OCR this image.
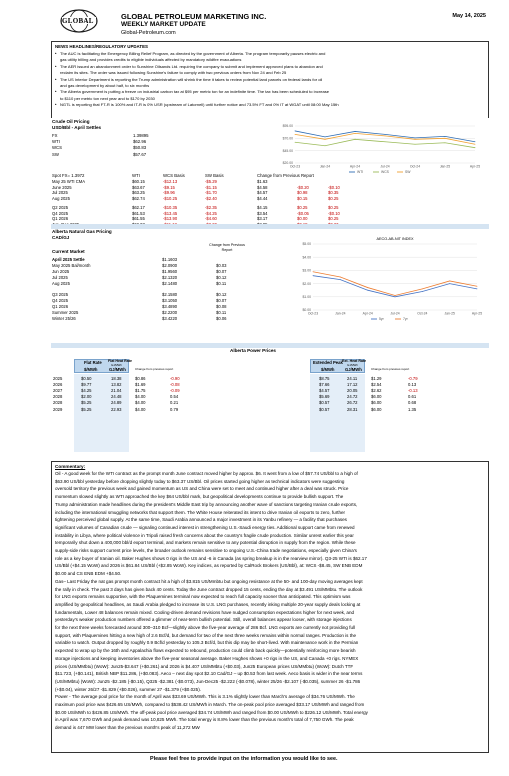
GLOBAL	GLOBAL PETROLEUM MARKETING INC.
WEEKLY MARKET UPDATE
Global-Petroleum.com
May 14, 2025
NEWS HEADLINES/REGULATORY UPDATES
• The AUC is facilitating the Emergency Billing Relief Program, as directed by the government of Alberta. The program temporarily pauses electric and
gas utility billing and provides credits to eligible individuals affected by mandatory wildfire evacuations
• The AER issued an abandonment order to Sunshine Oilsands Ltd. requiring the company to submit and implement approved plans to abandon and
reclaim its sites. The order was issued following Sunshine's failure to comply with two previous orders from Nov 24 and Feb 25
• The US Interior Department is reporting the Trump administration will shrink the time it takes to review potential land parcels on federal lands for oil
and gas development by about half, to six months
• The Alberta government is putting a freeze on industrial carbon tax at $95 per metric ton for an indefinite time. The tax has been scheduled to increase
to $110 per metric ton next year and to $170 by 2030
• NGTL is reporting that FT-R is 100% and IT-R is 0% USR (upstream of Latornell) until further notice and 73.5% FT and 0% IT at WGAT until 08:00 May 15th
Crude Oil Pricing
USD/Bbl - April Settles
FX	1.39895
WTI	$62.96
WCS	$50.83
SW	$57.67
$95.00
$70.00
$45.00
$20.00
Oct-23	Jan-24	Apr-24	Jul-24	Oct-24	Jan-25	Apr-25
WTI	WCS	SW
Spot FX= 1.3972	WTI	WCS Basis	SW Basis	Change from Previous Report
May 25 WTI CMA	$60.15	-$12.13	-$5.29	$1.63
June 2025	$63.67	-$9.15	-$1.15	$4.58	-$0.20	-$0.10
Jul 2025	$63.25	-$9.96	-$1.70	$4.57	$0.98	$0.35
Aug 2025	$62.74	-$10.25	-$2.40	$4.44	$0.15	$0.25
Q2 2025	$62.17	-$10.35	-$2.35	$4.15	$0.25	$0.25
Q4 2025	$61.53	-$13.45	-$4.25	$3.54	-$0.05	-$0.10
Q1 2026	$61.55	-$13.90	-$4.60	$3.17	$0.00	$0.25
Alberta Natural Gas Pricing
CAD/GJ
Change from Previous Report
Current Market
April 2025 Settle	$1.1603
May 2025 Bal/month	$2.0900	$0.03
Jun 2025	$1.9560	$0.07
Jul 2025	$2.1320	$0.12
Aug 2025	$2.1480	$0.11
Q3 2025	$2.1580	$0.12
Q4 2025	$3.1050	$0.07
Q1 2026	$3.4890	$0.08
Summer 2025	$2.2200	$0.11
Winter 25/26	$3.4220	$0.06
AECO-AB-NIT INDEX
$5.00
$4.00
$3.00
$2.00
$1.00
$0.00
Oct-23	Jan-24	Apr-24	Jul-24	Oct-24	Jan-25	Apr-25
5yr	7yr
Alberta Power Prices
Flat Rate Flat Heat Rate
GJ/MWh
$/MWh	GJ/MWh	Change from previous report
Extended Peak Ext. Heat Rate
GJ/MWh
$/MWh	GJ/MWh	Change from previous report
2025	$0.50	18.38	$0.86	-0.90	$8.75	24.11	$1.29	-0.79
2026	$9.77	13.82	$1.69	-0.08	$7.66	17.12	$2.54	0.13
2027	$4.25	21.04	$1.75	-0.09	$4.57	20.05	$2.62	-0.13
2028	$2.00	24.48	$4.00	0.54	$5.69	24.72	$6.00	0.61
2028	$5.25	24.89	$4.00	0.21	$0.57	26.72	$6.00	0.68
2029	$5.25	22.93	$4.00	0.79	$0.57	28.31	$6.00	1.35
Commentary:
Oil - A good week for the WTI contract as the prompt month June contract moved higher by approx. $6. It went from a low of $57.74 US/bbl to a high of
$63.90 US/bbl yesterday before dropping slightly today to $63.37 US/Bbl. Oil prices started going higher as technical indicators were suggesting
oversold territory the previous week and gained momentum as US and China were set to meet and continued higher after a deal was struck. Price
momentum slowed slightly as WTI approached the key $64 US/bbl mark, but geopolitical developments continue to provide bullish support. The
Trump administration made headlines during the president's Middle East trip by announcing another wave of sanctions targeting Iranian crude exports,
including the international smuggling networks that support them. The White House reiterated its intent to drive Iranian oil exports to zero, further
tightening perceived global supply. At the same time, Saudi Arabia announced a major investment in its Yanbu refinery — a facility that purchases
significant volumes of Canadian crude — signaling continued interest in strengthening U.S.-Saudi energy ties. Additional support came from renewed
instability in Libya, where political violence in Tripoli raised fresh concerns about the country's fragile crude production. Similar unrest earlier this year
temporarily shut down a 400,000 bbl/d export terminal, and markets remain sensitive to any potential disruption in supply from the region. While these
supply-side risks support current price levels, the broader outlook remains sensitive to ongoing U.S.-China trade negotiations, especially given China's
role as a key buyer of Iranian oil. Baker Hughes shows 0 rigs in the US and -6 in Canada (as spring breakup is in the rearview mirror). Q3-25 WTI is $62.17
US/Bbl (+$4.15 WoW) and 2026 is $61.84 US/Bbl (+$2.85 WoW). Key indices, as reported by CalRock Brokers (US/Bbl), at: WCS -$8.45, SW ENB EDM
$0.00 and CS ENB EDM +$4.50.
Gas– Last Friday the nat gas prompt month contract hit a high of $3.815 US/Mmbtu but ongoing resistance at the 50- and 100-day moving averages kept
the rally in check. The past 3 days has given back 40 cents. Today the June contract dropped 15 cents, ending the day at $3.491 US/MMbtu. The outlook
for LNG exports remains supportive, with the Plaquemines terminal now expected to reach full capacity sooner than anticipated. This optimism was
amplified by geopolitical headlines, as Saudi Arabia pledged to increase its U.S. LNG purchases, recently inking multiple 20-year supply deals locking at
fundamentals, Lower 48 balances remain mixed. Cooling-driven demand revisions have nudged consumption expectations higher for next week, and
yesterday's weaker production numbers offered a glimmer of near-term bullish potential. Still, overall balances appear looser, with storage injections
for the next three weeks forecasted around 300–310 Bcf—slightly above the five-year average of 286 Bcf. LNG exports are currently not providing full
support, with Plaquemines hitting a new high of 2.6 Bcf/d, but demand for two of the next three weeks remains within normal ranges. Production is the
variable to watch. Output dropped by roughly 0.9 Bcf/d yesterday to 105.3 Bcf/d, but this dip may be short-lived. With maintenance work in the Permian
expected to wrap up by the 16th and Appalachia flows expected to rebound, production could climb back quickly—potentially reinforcing more bearish
storage injections and keeping inventories above the five-year seasonal average. Baker Hughes shows +0 rigs in the US, and Canada +0 rigs. NYMEX
prices (US/MMbtu) (WoW): Jun25-$3.647 (+$0.261) and 2026 is $4.407 US/MMbtu (+$0.03), Jun25 European prices US/MMbtu) (WoW): Dutch TTF
$11.723, (+$0.141), British NBP $11.286, (+$0.083). Aeco – next day spot $2.10 Cad/GJ – up $0.53 from last week. Aeco basis is wider in the near terms
(US/MMbtu) (WoW): Jun25 -$2.185 (-$0.15), Q325 -$2.381 (-$0.073), Jun-Dec25 -$2.222 (-$0.078), winter 25/26 -$2.107 (-$0.035), summer 26 -$1.786
(+$0.04), winter 26/27 -$1.829 (+$0.026), summer 27 -$1.379 (+$0.025).
Power - The average pool price for the month of April was $33.69 US/MWh. This is 3.1% slightly lower than March's average of $34.76 US/MWh. The
maximum pool price was $426.65 US/MWh, compared to $538.42 US/MWh in March. The on-peak pool price averaged $33.17 US/MWh and ranged from
$0.00 US/MWh to $426.85 US/MWh. The off-peak pool price averaged $34.74 US/MWh and ranged from $0.00 US/MWh to $226.12 US/MWh. Total energy
in April was 7,670 GWh and peak demand was 10,825 MWh. The total energy is 8.8% lower than the previous month's total of 7,750 GWh. The peak
demand is 447 MW lower than the previous month's peak of 11,272 MW
Please feel free to provide input on the information you would like to see.
